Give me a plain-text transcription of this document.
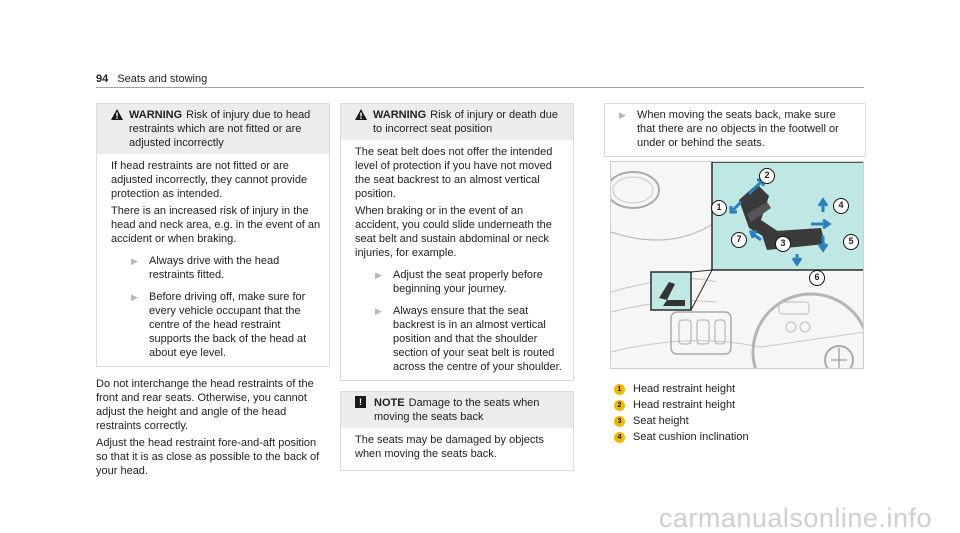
94 Seats and stowing
WARNING Risk of injury due to head restraints which are not fitted or are adjusted incorrectly

If head restraints are not fitted or are adjusted incorrectly, they cannot provide protection as intended.

There is an increased risk of injury in the head and neck area, e.g. in the event of an accident or when braking.

▶ Always drive with the head restraints fitted.
▶ Before driving off, make sure for every vehicle occupant that the centre of the head restraint supports the back of the head at about eye level.

Do not interchange the head restraints of the front and rear seats. Otherwise, you cannot adjust the height and angle of the head restraints correctly.

Adjust the head restraint fore-and-aft position so that it is as close as possible to the back of your head.

WARNING Risk of injury or death due to incorrect seat position

The seat belt does not offer the intended level of protection if you have not moved the seat backrest to an almost vertical position.

When braking or in the event of an accident, you could slide underneath the seat belt and sustain abdominal or neck injuries, for example.

▶ Adjust the seat properly before beginning your journey.
▶ Always ensure that the seat backrest is in an almost vertical position and that the shoulder section of your seat belt is routed across the centre of your shoulder.
!	NOTE Damage to the seats when moving the seats back

The seats may be damaged by objects when moving the seats back.

▶ When moving the seats back, make sure that there are no objects in the footwell or under or behind the seats.
1
2
3
4
5
6
7
1	Head restraint height
2	Head restraint height
3	Seat height
4	Seat cushion inclination
carmanualsonline.info
